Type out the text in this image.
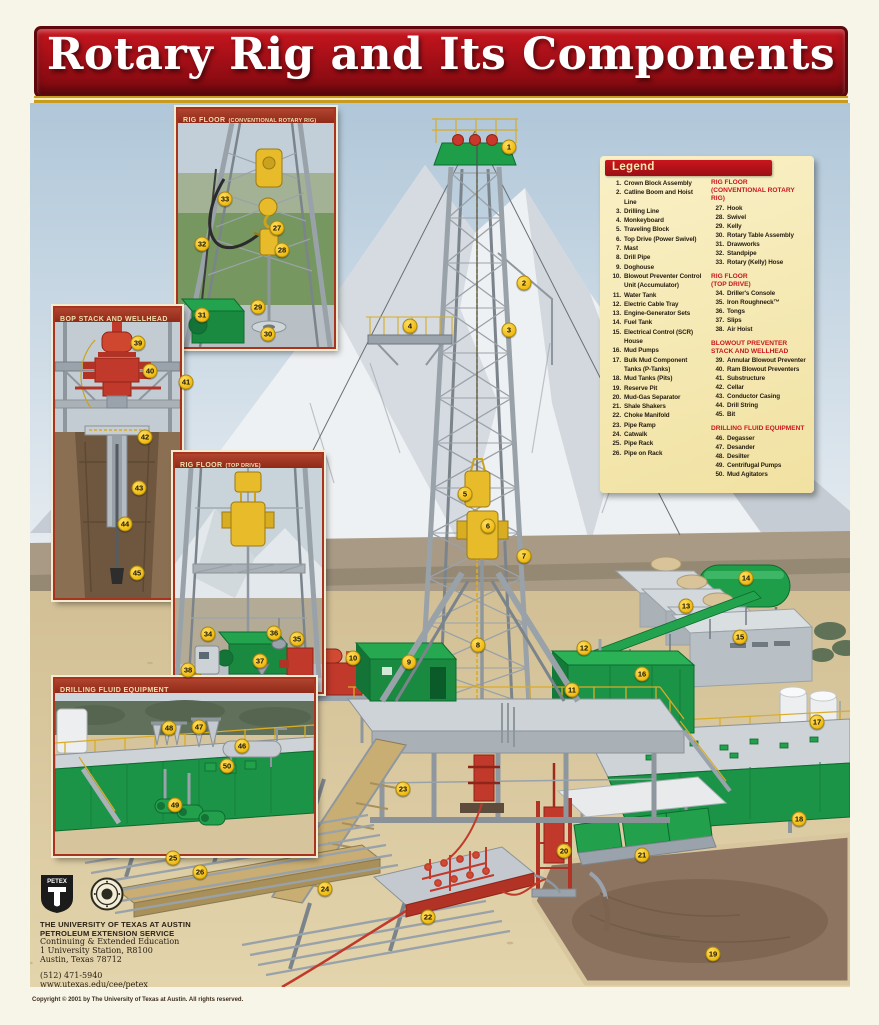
Rotary Rig and Its Components
RIG FLOOR (CONVENTIONAL ROTARY RIG)
BOP STACK AND WELLHEAD
RIG FLOOR (TOP DRIVE)
DRILLING FLUID EQUIPMENT
Legend
1. Crown Block Assembly
2. Catline Boom and Hoist Line
3. Drilling Line
4. Monkeyboard
5. Traveling Block
6. Top Drive (Power Swivel)
7. Mast
8. Drill Pipe
9. Doghouse
10. Blowout Preventer Control Unit (Accumulator)
11. Water Tank
12. Electric Cable Tray
13. Engine-Generator Sets
14. Fuel Tank
15. Electrical Control (SCR) House
16. Mud Pumps
17. Bulk Mud Component Tanks (P-Tanks)
18. Mud Tanks (Pits)
19. Reserve Pit
20. Mud-Gas Separator
21. Shale Shakers
22. Choke Manifold
23. Pipe Ramp
24. Catwalk
25. Pipe Rack
26. Pipe on Rack
RIG FLOOR
(CONVENTIONAL ROTARY RIG)
27. Hook
28. Swivel
29. Kelly
30. Rotary Table Assembly
31. Drawworks
32. Standpipe
33. Rotary (Kelly) Hose
RIG FLOOR
(TOP DRIVE)
34. Driller's Console
35. Iron Roughneck™
36. Tongs
37. Slips
38. Air Hoist
BLOWOUT PREVENTER STACK AND WELLHEAD
39. Annular Blowout Preventer
40. Ram Blowout Preventers
41. Substructure
42. Cellar
43. Conductor Casing
44. Drill String
45. Bit
DRILLING FLUID EQUIPMENT
46. Degasser
47. Desander
48. Desilter
49. Centrifugal Pumps
50. Mud Agitators
PETEX
THE UNIVERSITY OF TEXAS AT AUSTIN
PETROLEUM EXTENSION SERVICE
Continuing & Extended Education
1 University Station, R8100
Austin, Texas 78712
(512) 471-5940
www.utexas.edu/cee/petex
Copyright © 2001 by The University of Texas at Austin. All rights reserved.
1
2
3
4
5
6
7
8
9
10
11
12
13
14
15
16
17
18
19
20	21
22
23
24
25
26
27
28
29
30
31
32
33
34
35
36
37
38
39
40
41
42
43
44
45
46
47
48
49
50
